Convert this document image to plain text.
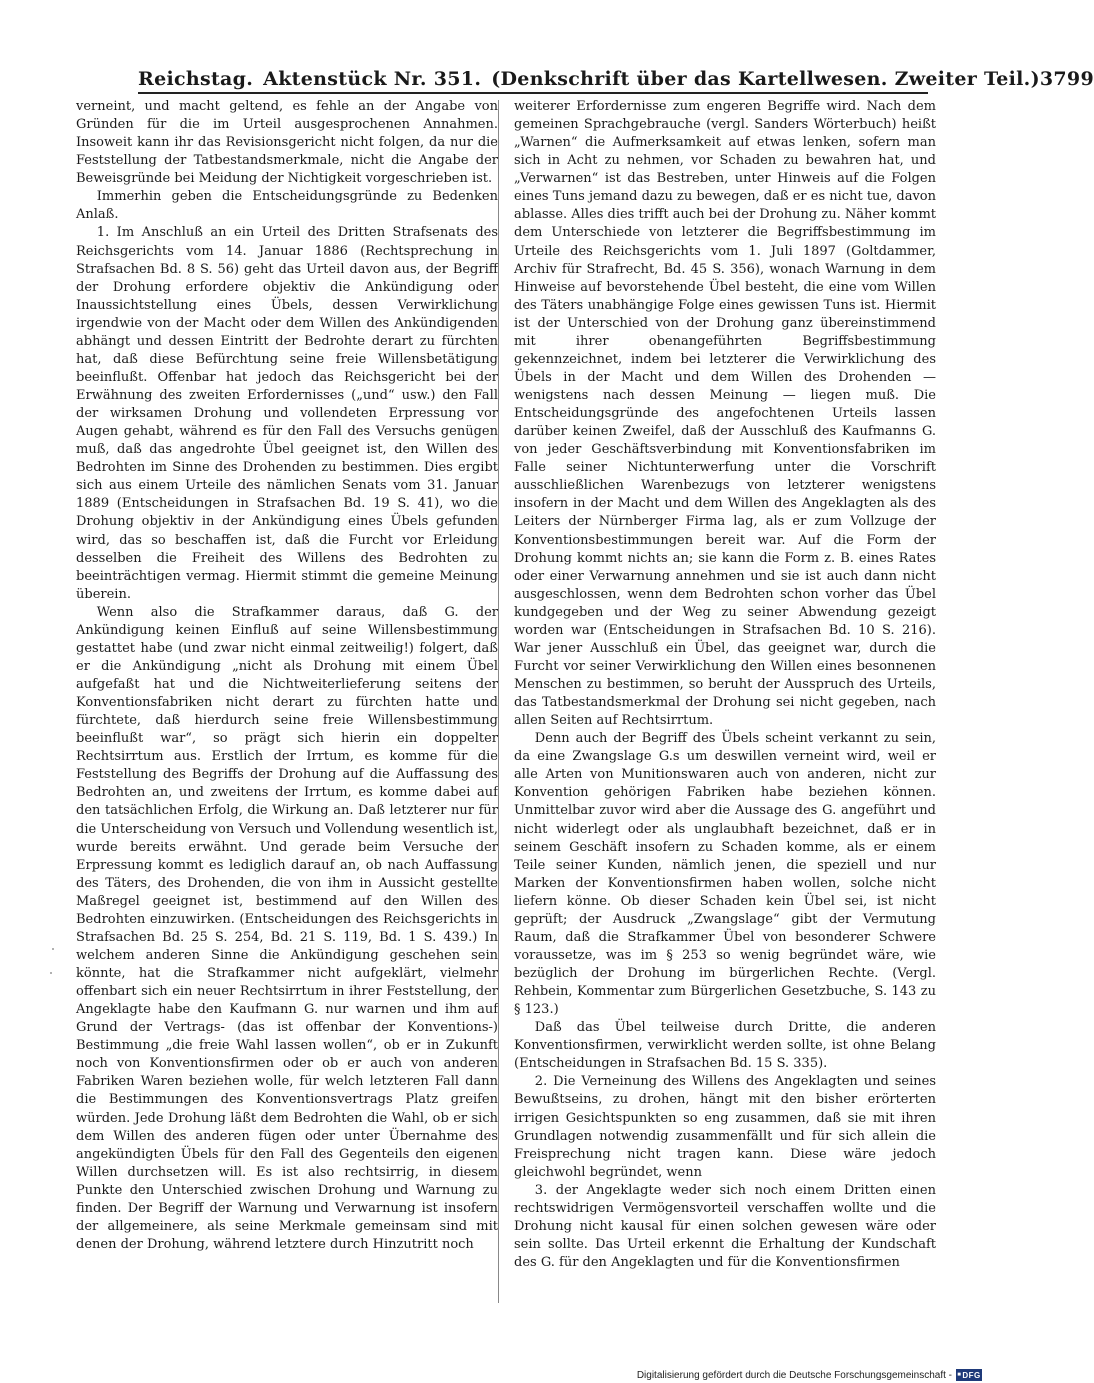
Reichstag. Aktenstück Nr. 351. (Denkschrift über das Kartellwesen. Zweiter Teil.) 3799

verneint, und macht geltend, es fehle an der Angabe von Gründen für die im Urteil ausgesprochenen Annahmen. Insoweit kann ihr das Revisionsgericht nicht folgen, da nur die Feststellung der Tatbestandsmerkmale, nicht die Angabe der Beweisgründe bei Meidung der Nichtigkeit vorgeschrieben ist.

Immerhin geben die Entscheidungsgründe zu Bedenken Anlaß.

1. Im Anschluß an ein Urteil des Dritten Strafsenats des Reichsgerichts vom 14. Januar 1886 (Rechtsprechung in Strafsachen Bd. 8 S. 56) geht das Urteil davon aus, der Begriff der Drohung erfordere objektiv die Ankündigung oder Inaussichtstellung eines Übels, dessen Verwirklichung irgendwie von der Macht oder dem Willen des Ankündigenden abhängt und dessen Eintritt der Bedrohte derart zu fürchten hat, daß diese Befürchtung seine freie Willensbetätigung beeinflußt. Offenbar hat jedoch das Reichsgericht bei der Erwähnung des zweiten Erfordernisses („und“ usw.) den Fall der wirksamen Drohung und vollendeten Erpressung vor Augen gehabt, während es für den Fall des Versuchs genügen muß, daß das angedrohte Übel geeignet ist, den Willen des Bedrohten im Sinne des Drohenden zu bestimmen. Dies ergibt sich aus einem Urteile des nämlichen Senats vom 31. Januar 1889 (Entscheidungen in Strafsachen Bd. 19 S. 41), wo die Drohung objektiv in der Ankündigung eines Übels gefunden wird, das so beschaffen ist, daß die Furcht vor Erleidung desselben die Freiheit des Willens des Bedrohten zu beeinträchtigen vermag. Hiermit stimmt die gemeine Meinung überein.

Wenn also die Strafkammer daraus, daß G. der Ankündigung keinen Einfluß auf seine Willensbestimmung gestattet habe (und zwar nicht einmal zeitweilig!) folgert, daß er die Ankündigung „nicht als Drohung mit einem Übel aufgefaßt hat und die Nichtweiterlieferung seitens der Konventionsfabriken nicht derart zu fürchten hatte und fürchtete, daß hierdurch seine freie Willensbestimmung beeinflußt war“, so prägt sich hierin ein doppelter Rechtsirrtum aus. Erstlich der Irrtum, es komme für die Feststellung des Begriffs der Drohung auf die Auffassung des Bedrohten an, und zweitens der Irrtum, es komme dabei auf den tatsächlichen Erfolg, die Wirkung an. Daß letzterer nur für die Unterscheidung von Versuch und Vollendung wesentlich ist, wurde bereits erwähnt. Und gerade beim Versuche der Erpressung kommt es lediglich darauf an, ob nach Auffassung des Täters, des Drohenden, die von ihm in Aussicht gestellte Maßregel geeignet ist, bestimmend auf den Willen des Bedrohten einzuwirken. (Entscheidungen des Reichsgerichts in Strafsachen Bd. 25 S. 254, Bd. 21 S. 119, Bd. 1 S. 439.) In welchem anderen Sinne die Ankündigung geschehen sein könnte, hat die Strafkammer nicht aufgeklärt, vielmehr offenbart sich ein neuer Rechtsirrtum in ihrer Feststellung, der Angeklagte habe den Kaufmann G. nur warnen und ihm auf Grund der Vertrags- (das ist offenbar der Konventions-) Bestimmung „die freie Wahl lassen wollen“, ob er in Zukunft noch von Konventionsfirmen oder ob er auch von anderen Fabriken Waren beziehen wolle, für welch letzteren Fall dann die Bestimmungen des Konventionsvertrags Platz greifen würden. Jede Drohung läßt dem Bedrohten die Wahl, ob er sich dem Willen des anderen fügen oder unter Übernahme des angekündigten Übels für den Fall des Gegenteils den eigenen Willen durchsetzen will. Es ist also rechtsirrig, in diesem Punkte den Unterschied zwischen Drohung und Warnung zu finden. Der Begriff der Warnung und Verwarnung ist insofern der allgemeinere, als seine Merkmale gemeinsam sind mit denen der Drohung, während letztere durch Hinzutritt noch

weiterer Erfordernisse zum engeren Begriffe wird. Nach dem gemeinen Sprachgebrauche (vergl. Sanders Wörterbuch) heißt „Warnen“ die Aufmerksamkeit auf etwas lenken, sofern man sich in Acht zu nehmen, vor Schaden zu bewahren hat, und „Verwarnen“ ist das Bestreben, unter Hinweis auf die Folgen eines Tuns jemand dazu zu bewegen, daß er es nicht tue, davon ablasse. Alles dies trifft auch bei der Drohung zu. Näher kommt dem Unterschiede von letzterer die Begriffsbestimmung im Urteile des Reichsgerichts vom 1. Juli 1897 (Goltdammer, Archiv für Strafrecht, Bd. 45 S. 356), wonach Warnung in dem Hinweise auf bevorstehende Übel besteht, die eine vom Willen des Täters unabhängige Folge eines gewissen Tuns ist. Hiermit ist der Unterschied von der Drohung ganz übereinstimmend mit ihrer obenangeführten Begriffsbestimmung gekennzeichnet, indem bei letzterer die Verwirklichung des Übels in der Macht und dem Willen des Drohenden — wenigstens nach dessen Meinung — liegen muß. Die Entscheidungsgründe des angefochtenen Urteils lassen darüber keinen Zweifel, daß der Ausschluß des Kaufmanns G. von jeder Geschäftsverbindung mit Konventionsfabriken im Falle seiner Nichtunterwerfung unter die Vorschrift ausschließlichen Warenbezugs von letzterer wenigstens insofern in der Macht und dem Willen des Angeklagten als des Leiters der Nürnberger Firma lag, als er zum Vollzuge der Konventionsbestimmungen bereit war. Auf die Form der Drohung kommt nichts an; sie kann die Form z. B. eines Rates oder einer Verwarnung annehmen und sie ist auch dann nicht ausgeschlossen, wenn dem Bedrohten schon vorher das Übel kundgegeben und der Weg zu seiner Abwendung gezeigt worden war (Entscheidungen in Strafsachen Bd. 10 S. 216). War jener Ausschluß ein Übel, das geeignet war, durch die Furcht vor seiner Verwirklichung den Willen eines besonnenen Menschen zu bestimmen, so beruht der Ausspruch des Urteils, das Tatbestandsmerkmal der Drohung sei nicht gegeben, nach allen Seiten auf Rechtsirrtum.

Denn auch der Begriff des Übels scheint verkannt zu sein, da eine Zwangslage G.s um deswillen verneint wird, weil er alle Arten von Munitionswaren auch von anderen, nicht zur Konvention gehörigen Fabriken habe beziehen können. Unmittelbar zuvor wird aber die Aussage des G. angeführt und nicht widerlegt oder als unglaubhaft bezeichnet, daß er in seinem Geschäft insofern zu Schaden komme, als er einem Teile seiner Kunden, nämlich jenen, die speziell und nur Marken der Konventionsfirmen haben wollen, solche nicht liefern könne. Ob dieser Schaden kein Übel sei, ist nicht geprüft; der Ausdruck „Zwangslage“ gibt der Vermutung Raum, daß die Strafkammer Übel von besonderer Schwere voraussetze, was im § 253 so wenig begründet wäre, wie bezüglich der Drohung im bürgerlichen Rechte. (Vergl. Rehbein, Kommentar zum Bürgerlichen Gesetzbuche, S. 143 zu § 123.)

Daß das Übel teilweise durch Dritte, die anderen Konventionsfirmen, verwirklicht werden sollte, ist ohne Belang (Entscheidungen in Strafsachen Bd. 15 S. 335).

2. Die Verneinung des Willens des Angeklagten und seines Bewußtseins, zu drohen, hängt mit den bisher erörterten irrigen Gesichtspunkten so eng zusammen, daß sie mit ihren Grundlagen notwendig zusammenfällt und für sich allein die Freisprechung nicht tragen kann. Diese wäre jedoch gleichwohl begründet, wenn

3. der Angeklagte weder sich noch einem Dritten einen rechtswidrigen Vermögensvorteil verschaffen wollte und die Drohung nicht kausal für einen solchen gewesen wäre oder sein sollte. Das Urteil erkennt die Erhaltung der Kundschaft des G. für den Angeklagten und für die Konventionsfirmen

Digitalisierung gefördert durch die Deutsche Forschungsgemeinschaft -
■	DFG
